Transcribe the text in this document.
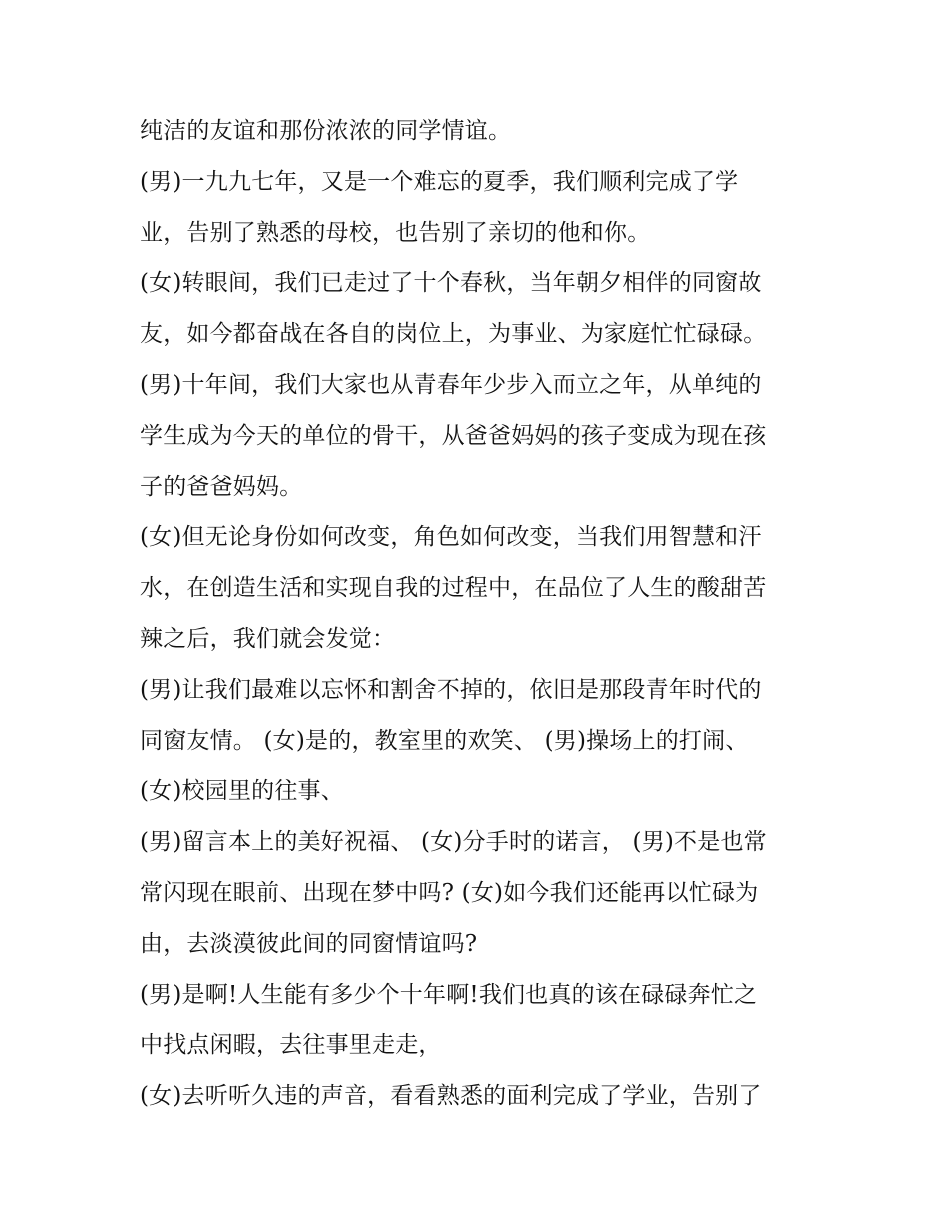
纯洁的友谊和那份浓浓的同学情谊。
(男)一九九七年，又是一个难忘的夏季，我们顺利完成了学
业，告别了熟悉的母校，也告别了亲切的他和你。
(女)转眼间，我们已走过了十个春秋，当年朝夕相伴的同窗故
友，如今都奋战在各自的岗位上，为事业、为家庭忙忙碌碌。
(男)十年间，我们大家也从青春年少步入而立之年，从单纯的
学生成为今天的单位的骨干，从爸爸妈妈的孩子变成为现在孩
子的爸爸妈妈。
(女)但无论身份如何改变，角色如何改变，当我们用智慧和汗
水，在创造生活和实现自我的过程中，在品位了人生的酸甜苦
辣之后，我们就会发觉：
(男)让我们最难以忘怀和割舍不掉的，依旧是那段青年时代的
同窗友情。 (女)是的，教室里的欢笑、 (男)操场上的打闹、
(女)校园里的往事、
(男)留言本上的美好祝福、 (女)分手时的诺言， (男)不是也常
常闪现在眼前、出现在梦中吗? (女)如今我们还能再以忙碌为
由，去淡漠彼此间的同窗情谊吗?
(男)是啊!人生能有多少个十年啊!我们也真的该在碌碌奔忙之
中找点闲暇，去往事里走走，
(女)去听听久违的声音，看看熟悉的面利完成了学业，告别了
